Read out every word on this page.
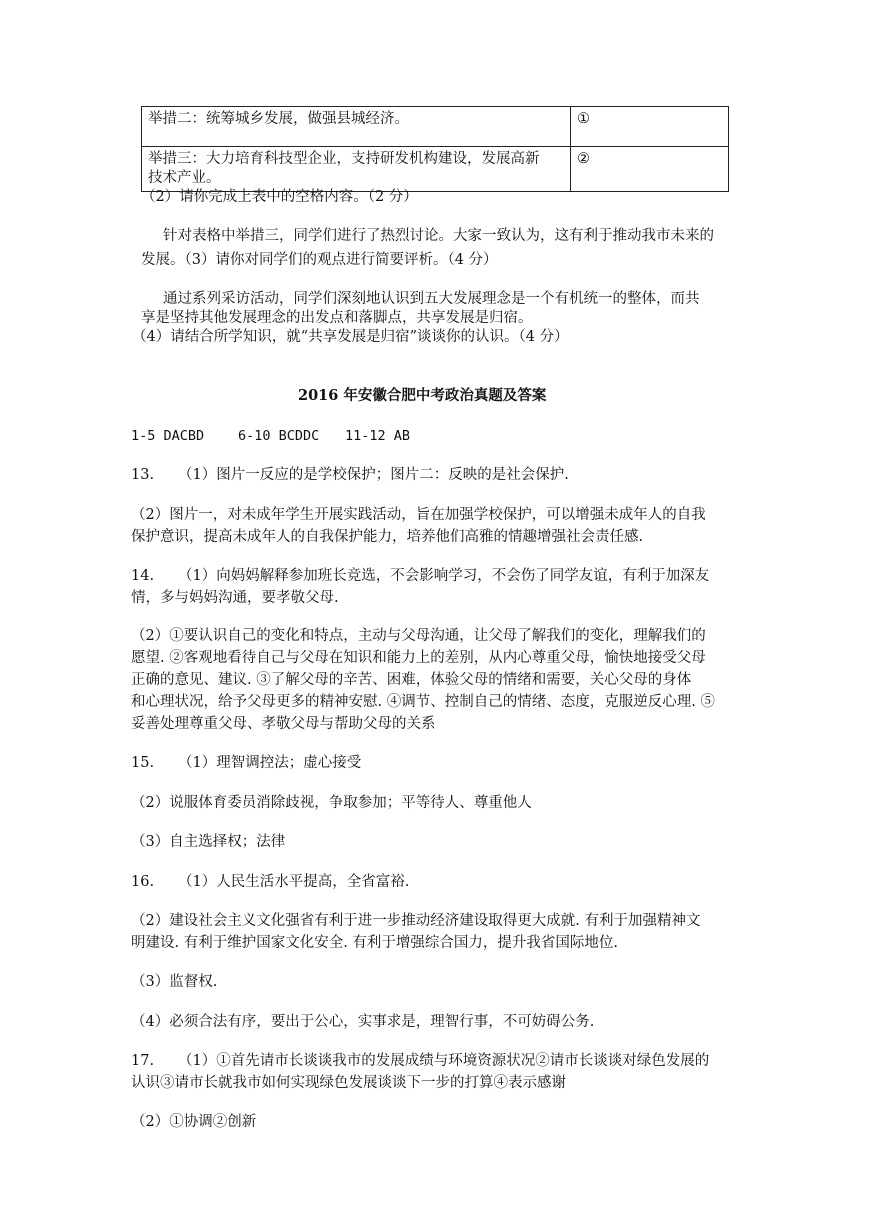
举措二：统筹城乡发展，做强县城经济。	①

举措三：大力培育科技型企业，支持研发机构建设，发展高新
技术产业。	②
（2）请你完成上表中的空格内容。（2 分）
针对表格中举措三，同学们进行了热烈讨论。大家一致认为，这有利于推动我市未来的
发展。（3）请你对同学们的观点进行简要评析。（4 分）
通过系列采访活动，同学们深刻地认识到五大发展理念是一个有机统一的整体，而共
享是坚持其他发展理念的出发点和落脚点，共享发展是归宿。
（4）请结合所学知识，就“共享发展是归宿”谈谈你的认识。（4 分）
2016 年安徽合肥中考政治真题及答案
1-5 DACBD	6-10 BCDDC 11-12 AB
13. （1）图片一反应的是学校保护；图片二：反映的是社会保护.
（2）图片一，对未成年学生开展实践活动，旨在加强学校保护，可以增强未成年人的自我
保护意识，提高未成年人的自我保护能力，培养他们高雅的情趣增强社会责任感.
14. （1）向妈妈解释参加班长竞选，不会影响学习，不会伤了同学友谊，有利于加深友
情，多与妈妈沟通，要孝敬父母.
（2）①要认识自己的变化和特点，主动与父母沟通，让父母了解我们的变化，理解我们的
愿望. ②客观地看待自己与父母在知识和能力上的差别，从内心尊重父母，愉快地接受父母
正确的意见、建议. ③了解父母的辛苦、困难，体验父母的情绪和需要，关心父母的身体
和心理状况，给予父母更多的精神安慰. ④调节、控制自己的情绪、态度，克服逆反心理. ⑤
妥善处理尊重父母、孝敬父母与帮助父母的关系
15. （1）理智调控法；虚心接受
（2）说服体育委员消除歧视，争取参加；平等待人、尊重他人
（3）自主选择权；法律
16. （1）人民生活水平提高，全省富裕.
（2）建设社会主义文化强省有利于进一步推动经济建设取得更大成就. 有利于加强精神文
明建设. 有利于维护国家文化安全. 有利于增强综合国力，提升我省国际地位.
（3）监督权.
（4）必须合法有序，要出于公心，实事求是，理智行事，不可妨碍公务.
17. （1）①首先请市长谈谈我市的发展成绩与环境资源状况②请市长谈谈对绿色发展的
认识③请市长就我市如何实现绿色发展谈谈下一步的打算④表示感谢
（2）①协调②创新
